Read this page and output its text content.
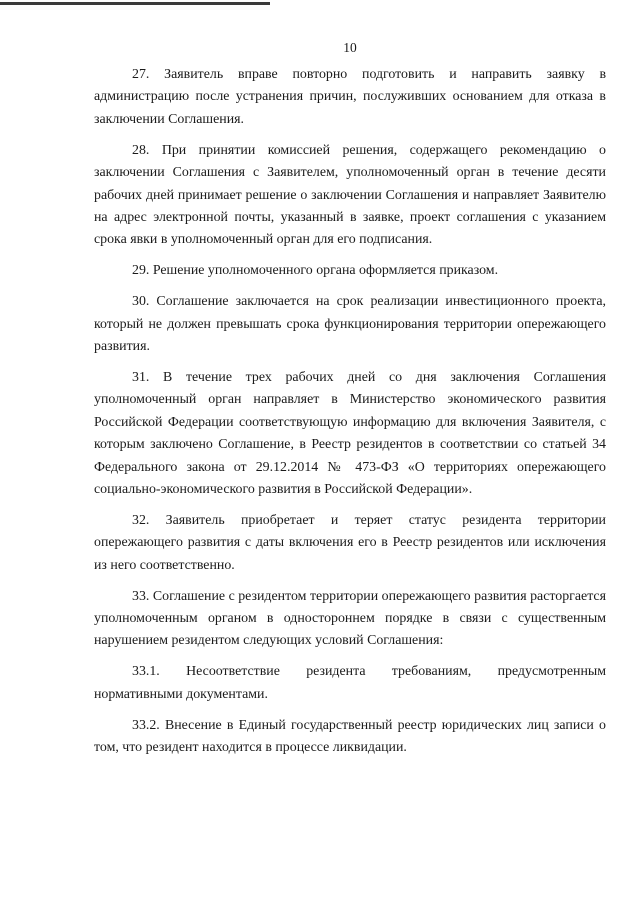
10

27. Заявитель вправе повторно подготовить и направить заявку в администрацию после устранения причин, послуживших основанием для отказа в заключении Соглашения.

28. При принятии комиссией решения, содержащего рекомендацию о заключении Соглашения с Заявителем, уполномоченный орган в течение десяти рабочих дней принимает решение о заключении Соглашения и направляет Заявителю на адрес электронной почты, указанный в заявке, проект соглашения с указанием срока явки в уполномоченный орган для его подписания.

29. Решение уполномоченного органа оформляется приказом.

30. Соглашение заключается на срок реализации инвестиционного проекта, который не должен превышать срока функционирования территории опережающего развития.

31. В течение трех рабочих дней со дня заключения Соглашения уполномоченный орган направляет в Министерство экономического развития Российской Федерации соответствующую информацию для включения Заявителя, с которым заключено Соглашение, в Реестр резидентов в соответствии со статьей 34 Федерального закона от 29.12.2014 № 473-ФЗ «О территориях опережающего социально-экономического развития в Российской Федерации».

32. Заявитель приобретает и теряет статус резидента территории опережающего развития с даты включения его в Реестр резидентов или исключения из него соответственно.

33. Соглашение с резидентом территории опережающего развития расторгается уполномоченным органом в одностороннем порядке в связи с существенным нарушением резидентом следующих условий Соглашения:

33.1. Несоответствие резидента требованиям, предусмотренным нормативными документами.

33.2. Внесение в Единый государственный реестр юридических лиц записи о том, что резидент находится в процессе ликвидации.
